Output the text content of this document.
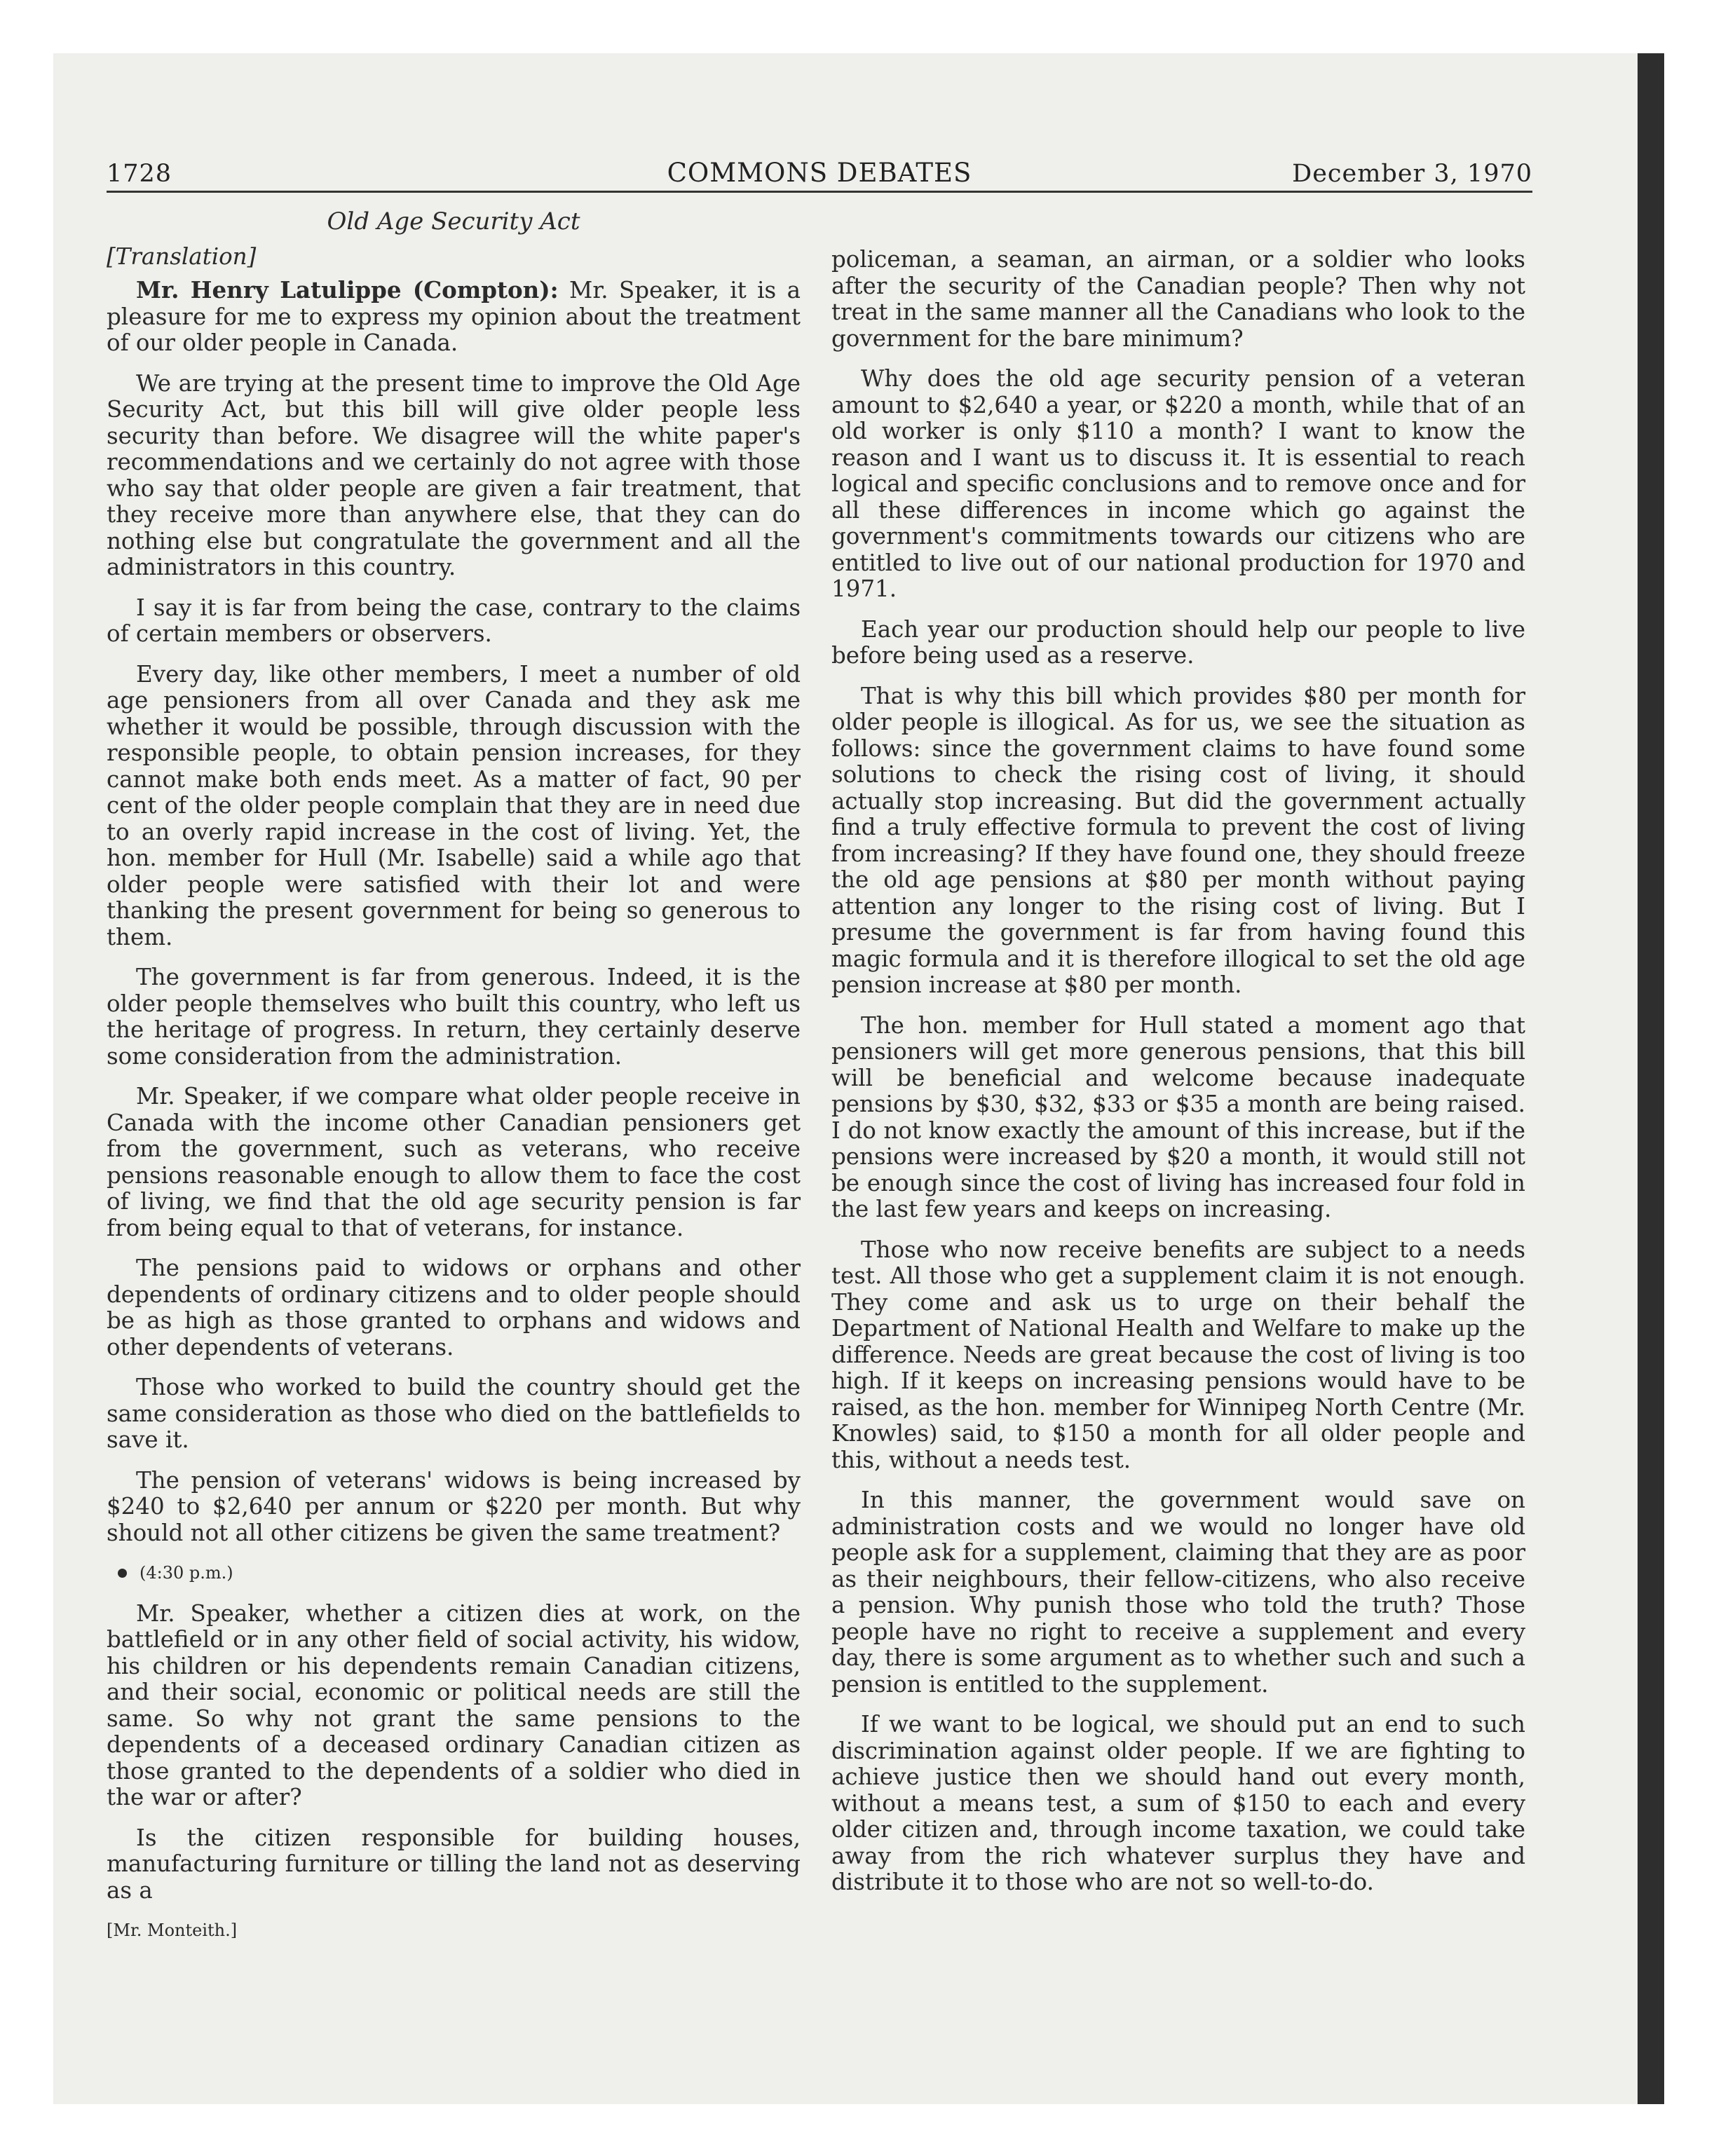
1728	COMMONS DEBATES	December 3, 1970
Old Age Security Act
[Translation]

Mr. Henry Latulippe (Compton): Mr. Speaker, it is a pleasure for me to express my opinion about the treatment of our older people in Canada.

We are trying at the present time to improve the Old Age Security Act, but this bill will give older people less security than before. We disagree will the white paper's recommendations and we certainly do not agree with those who say that older people are given a fair treatment, that they receive more than anywhere else, that they can do nothing else but congratulate the government and all the administrators in this country.

I say it is far from being the case, contrary to the claims of certain members or observers.

Every day, like other members, I meet a number of old age pensioners from all over Canada and they ask me whether it would be possible, through discussion with the responsible people, to obtain pension increases, for they cannot make both ends meet. As a matter of fact, 90 per cent of the older people complain that they are in need due to an overly rapid increase in the cost of living. Yet, the hon. member for Hull (Mr. Isabelle) said a while ago that older people were satisfied with their lot and were thanking the present government for being so generous to them.

The government is far from generous. Indeed, it is the older people themselves who built this country, who left us the heritage of progress. In return, they certainly deserve some consideration from the administration.

Mr. Speaker, if we compare what older people receive in Canada with the income other Canadian pensioners get from the government, such as veterans, who receive pensions reasonable enough to allow them to face the cost of living, we find that the old age security pension is far from being equal to that of veterans, for instance.

The pensions paid to widows or orphans and other dependents of ordinary citizens and to older people should be as high as those granted to orphans and widows and other dependents of veterans.

Those who worked to build the country should get the same consideration as those who died on the battlefields to save it.

The pension of veterans' widows is being increased by $240 to $2,640 per annum or $220 per month. But why should not all other citizens be given the same treatment?

(4:30 p.m.)

Mr. Speaker, whether a citizen dies at work, on the battlefield or in any other field of social activity, his widow, his children or his dependents remain Canadian citizens, and their social, economic or political needs are still the same. So why not grant the same pensions to the dependents of a deceased ordinary Canadian citizen as those granted to the dependents of a soldier who died in the war or after?

Is the citizen responsible for building houses, manufacturing furniture or tilling the land not as deserving as a

[Mr. Monteith.]

policeman, a seaman, an airman, or a soldier who looks after the security of the Canadian people? Then why not treat in the same manner all the Canadians who look to the government for the bare minimum?

Why does the old age security pension of a veteran amount to $2,640 a year, or $220 a month, while that of an old worker is only $110 a month? I want to know the reason and I want us to discuss it. It is essential to reach logical and specific conclusions and to remove once and for all these differences in income which go against the government's commitments towards our citizens who are entitled to live out of our national production for 1970 and 1971.

Each year our production should help our people to live before being used as a reserve.

That is why this bill which provides $80 per month for older people is illogical. As for us, we see the situation as follows: since the government claims to have found some solutions to check the rising cost of living, it should actually stop increasing. But did the government actually find a truly effective formula to prevent the cost of living from increasing? If they have found one, they should freeze the old age pensions at $80 per month without paying attention any longer to the rising cost of living. But I presume the government is far from having found this magic formula and it is therefore illogical to set the old age pension increase at $80 per month.

The hon. member for Hull stated a moment ago that pensioners will get more generous pensions, that this bill will be beneficial and welcome because inadequate pensions by $30, $32, $33 or $35 a month are being raised. I do not know exactly the amount of this increase, but if the pensions were increased by $20 a month, it would still not be enough since the cost of living has increased four fold in the last few years and keeps on increasing.

Those who now receive benefits are subject to a needs test. All those who get a supplement claim it is not enough. They come and ask us to urge on their behalf the Department of National Health and Welfare to make up the difference. Needs are great because the cost of living is too high. If it keeps on increasing pensions would have to be raised, as the hon. member for Winnipeg North Centre (Mr. Knowles) said, to $150 a month for all older people and this, without a needs test.

In this manner, the government would save on administration costs and we would no longer have old people ask for a supplement, claiming that they are as poor as their neighbours, their fellow-citizens, who also receive a pension. Why punish those who told the truth? Those people have no right to receive a supplement and every day, there is some argument as to whether such and such a pension is entitled to the supplement.

If we want to be logical, we should put an end to such discrimination against older people. If we are fighting to achieve justice then we should hand out every month, without a means test, a sum of $150 to each and every older citizen and, through income taxation, we could take away from the rich whatever surplus they have and distribute it to those who are not so well-to-do.
